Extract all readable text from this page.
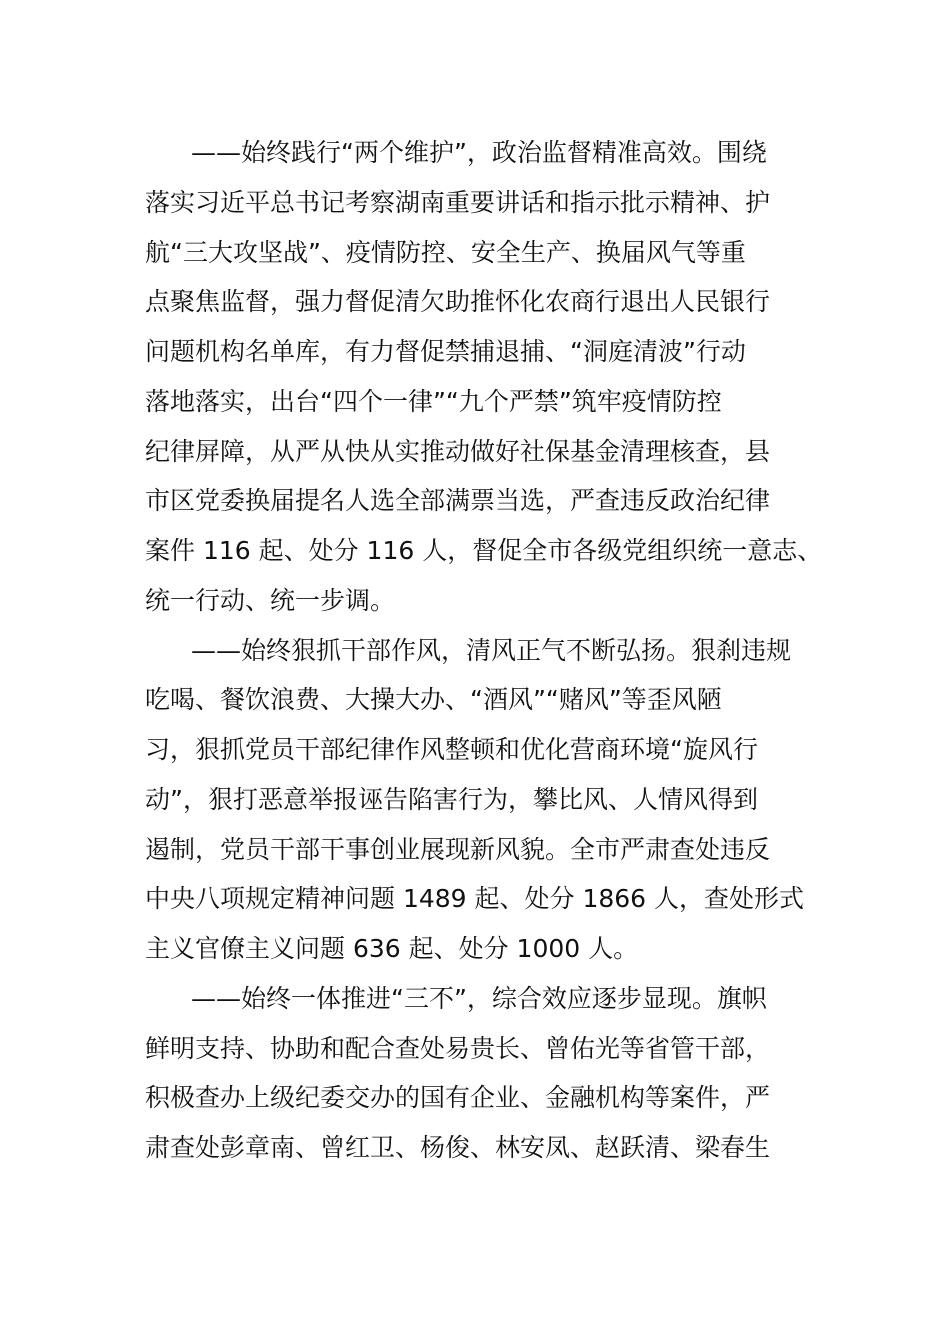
——始终践行“两个维护”，政治监督精准高效。围绕
落实习近平总书记考察湖南重要讲话和指示批示精神、护
航“三大攻坚战”、疫情防控、安全生产、换届风气等重
点聚焦监督，强力督促清欠助推怀化农商行退出人民银行
问题机构名单库，有力督促禁捕退捕、“洞庭清波”行动
落地落实，出台“四个一律”“九个严禁”筑牢疫情防控
纪律屏障，从严从快从实推动做好社保基金清理核查，县
市区党委换届提名人选全部满票当选，严查违反政治纪律
案件 116 起、处分 116 人，督促全市各级党组织统一意志、
统一行动、统一步调。
——始终狠抓干部作风，清风正气不断弘扬。狠刹违规
吃喝、餐饮浪费、大操大办、“酒风”“赌风”等歪风陋
习，狠抓党员干部纪律作风整顿和优化营商环境“旋风行
动”，狠打恶意举报诬告陷害行为，攀比风、人情风得到
遏制，党员干部干事创业展现新风貌。全市严肃查处违反
中央八项规定精神问题 1489 起、处分 1866 人，查处形式
主义官僚主义问题 636 起、处分 1000 人。
——始终一体推进“三不”，综合效应逐步显现。旗帜
鲜明支持、协助和配合查处易贵长、曾佑光等省管干部，
积极查办上级纪委交办的国有企业、金融机构等案件，严
肃查处彭章南、曾红卫、杨俊、林安凤、赵跃清、梁春生
